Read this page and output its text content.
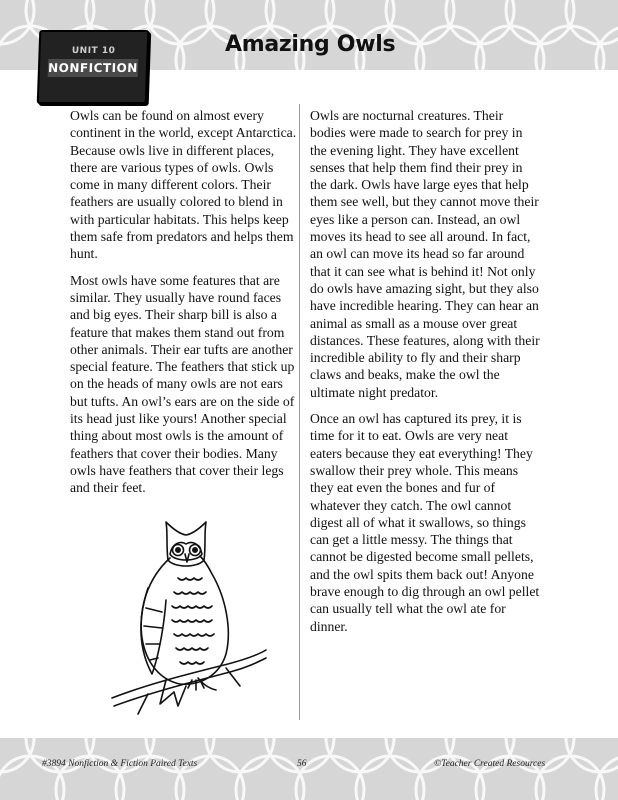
UNIT 10
NONFICTION
Amazing Owls

Owls can be found on almost every continent in the world, except Antarctica. Because owls live in different places, there are various types of owls. Owls come in many different colors. Their feathers are usually colored to blend in with particular habitats. This helps keep them safe from predators and helps them hunt.

Most owls have some features that are similar. They usually have round faces and big eyes. Their sharp bill is also a feature that makes them stand out from other animals. Their ear tufts are another special feature. The feathers that stick up on the heads of many owls are not ears but tufts. An owl’s ears are on the side of its head just like yours! Another special thing about most owls is the amount of feathers that cover their bodies. Many owls have feathers that cover their legs and their feet.

Owls are nocturnal creatures. Their bodies were made to search for prey in the evening light. They have excellent senses that help them find their prey in the dark. Owls have large eyes that help them see well, but they cannot move their eyes like a person can. Instead, an owl moves its head to see all around. In fact, an owl can move its head so far around that it can see what is behind it! Not only do owls have amazing sight, but they also have incredible hearing. They can hear an animal as small as a mouse over great distances. These features, along with their incredible ability to fly and their sharp claws and beaks, make the owl the ultimate night predator.

Once an owl has captured its prey, it is time for it to eat. Owls are very neat eaters because they eat everything! They swallow their prey whole. This means they eat even the bones and fur of whatever they catch. The owl cannot digest all of what it swallows, so things can get a little messy. The things that cannot be digested become small pellets, and the owl spits them back out! Anyone brave enough to dig through an owl pellet can usually tell what the owl ate for dinner.

#3894 Nonfiction & Fiction Paired Texts	56	©Teacher Created Resources
